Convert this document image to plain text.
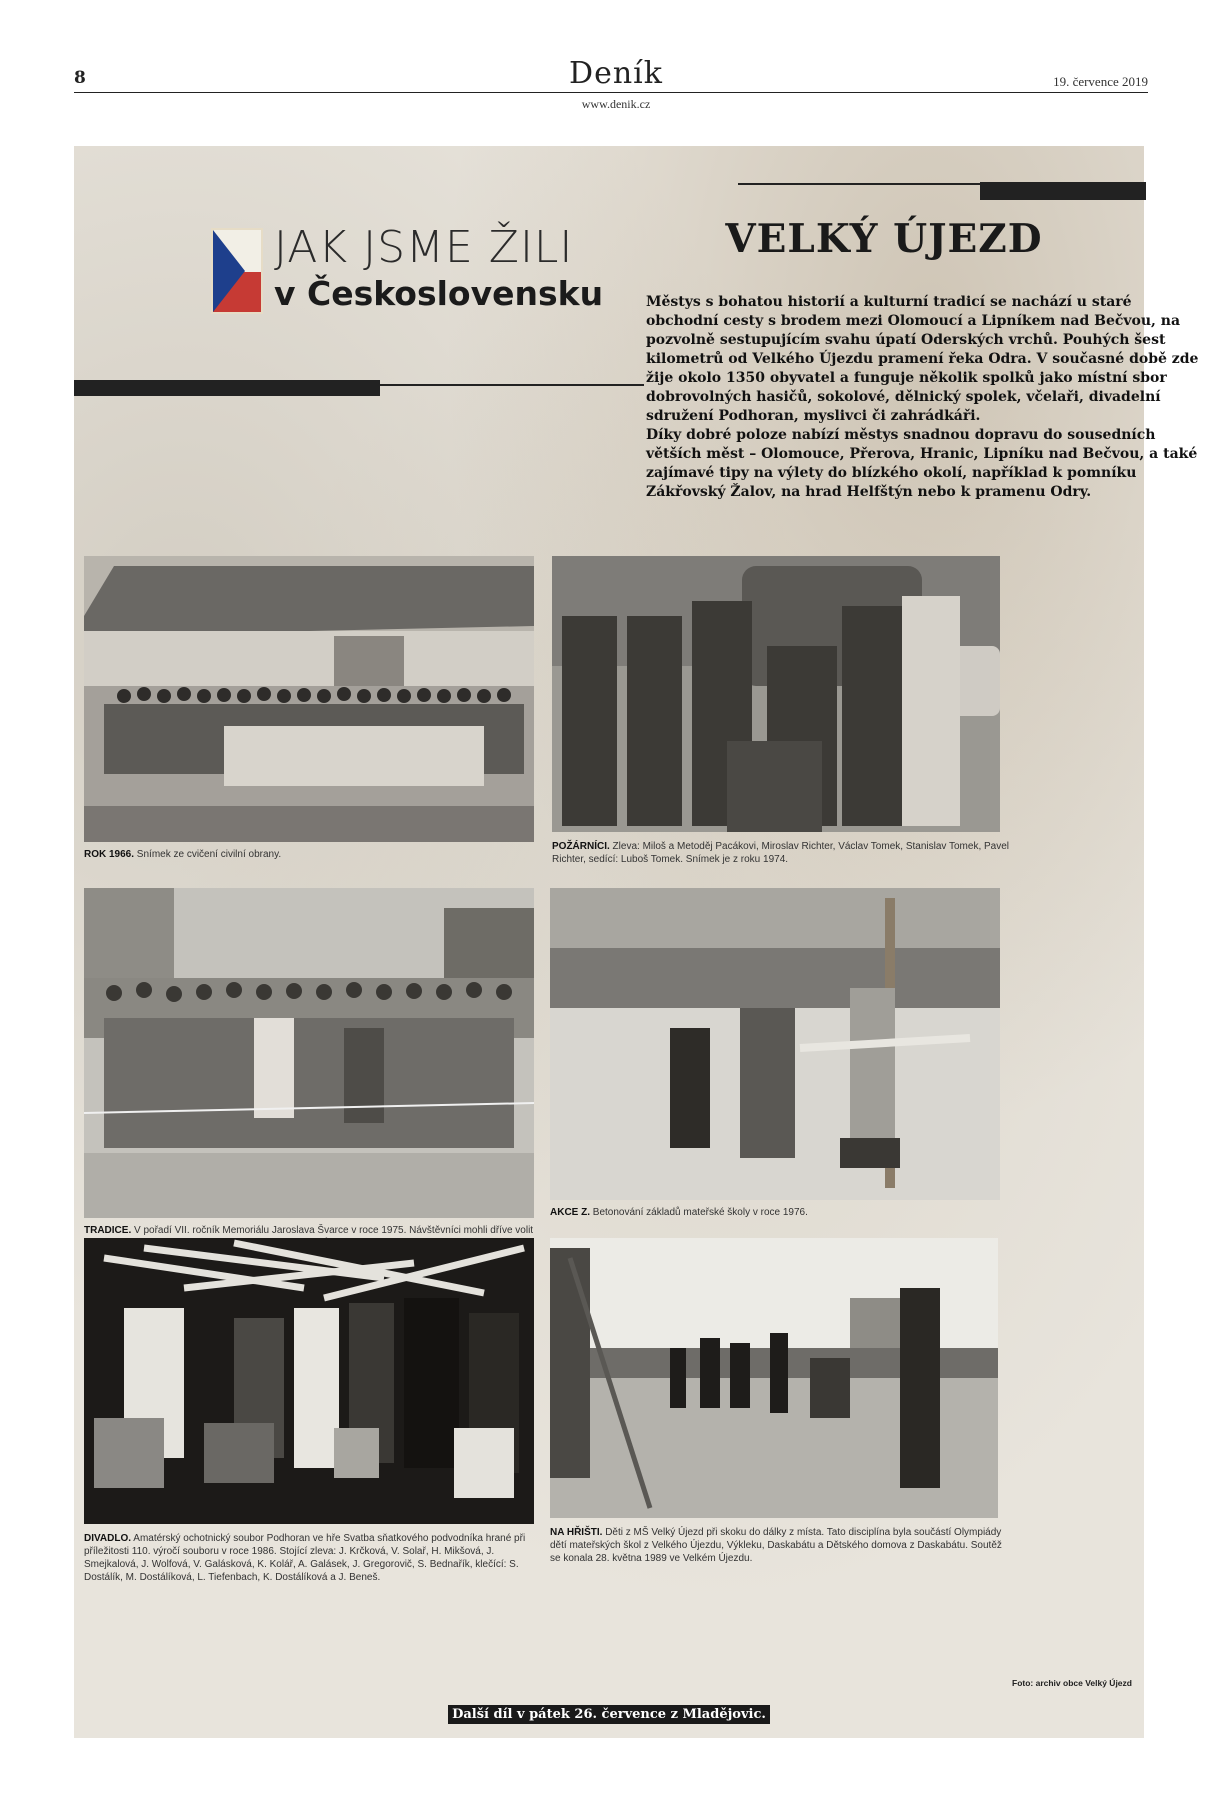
8	Deník	19. července 2019
www.denik.cz
JAK JSME ŽILI
v Československu
VELKÝ ÚJEZD

Městys s bohatou historií a kulturní tradicí se nachází u staré obchodní cesty s brodem mezi Olomoucí a Lipníkem nad Bečvou, na pozvolně sestupujícím svahu úpatí Oderských vrchů. Pouhých šest kilometrů od Velkého Újezdu pramení řeka Odra. V současné době zde žije okolo 1350 obyvatel a funguje několik spolků jako místní sbor dobrovolných hasičů, sokolové, dělnický spolek, včelaři, divadelní sdružení Podhoran, myslivci či zahrádkáři.
Díky dobré poloze nabízí městys snadnou dopravu do sousedních větších měst – Olomouce, Přerova, Hranic, Lipníku nad Bečvou, a také zajímavé tipy na výlety do blízkého okolí, například k pomníku Zákřovský Žalov, na hrad Helfštýn nebo k pramenu Odry.

ROK 1966. Snímek ze cvičení civilní obrany.

POŽÁRNÍCI. Zleva: Miloš a Metoděj Pacákovi, Miroslav Richter, Václav Tomek, Stanislav Tomek, Pavel Richter, sedící: Luboš Tomek. Snímek je z roku 1974.

TRADICE. V pořadí VII. ročník Memoriálu Jaroslava Švarce v roce 1975. Návštěvníci mohli dříve volit

AKCE Z. Betonování základů mateřské školy v roce 1976.

DIVADLO. Amatérský ochotnický soubor Podhoran ve hře Svatba sňatkového podvodníka hrané při příležitosti 110. výročí souboru v roce 1986. Stojící zleva: J. Krčková, V. Solař, H. Mikšová, J. Smejkalová, J. Wolfová, V. Galásková, K. Kolář, A. Galásek, J. Gregorovič, S. Bednařík, klečící: S. Dostálík, M. Dostálíková, L. Tiefenbach, K. Dostálíková a J. Beneš.

NA HŘIŠTI. Děti z MŠ Velký Újezd při skoku do dálky z místa. Tato disciplína byla součástí Olympiády dětí mateřských škol z Velkého Újezdu, Výkleku, Daskabátu a Dětského domova z Daskabátu. Soutěž se konala 28. května 1989 ve Velkém Újezdu.

Foto: archiv obce Velký Újezd
Další díl v pátek 26. července z Mladějovic.
